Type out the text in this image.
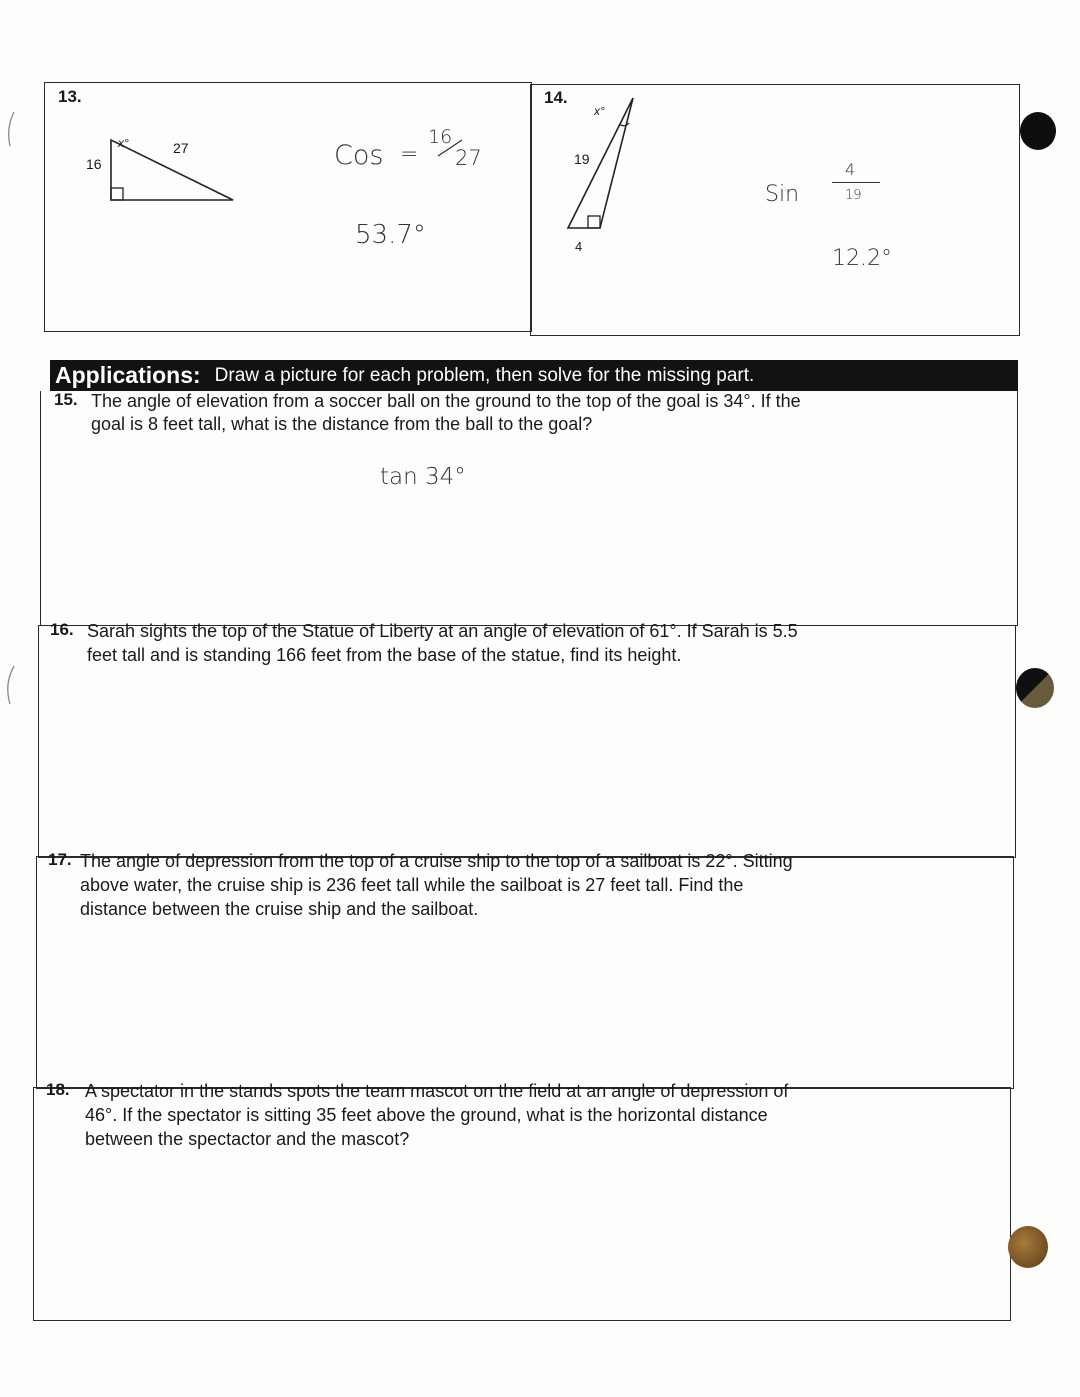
13.
x°	27
16	Cos =
16
27
53.7°
14.
x°
19
4
Sin
4
19
12.2°
Applications: Draw a picture for each problem, then solve for the missing part.
15. The angle of elevation from a soccer ball on the ground to the top of the goal is 34°. If the
goal is 8 feet tall, what is the distance from the ball to the goal?
tan 34°
16. Sarah sights the top of the Statue of Liberty at an angle of elevation of 61°. If Sarah is 5.5
feet tall and is standing 166 feet from the base of the statue, find its height.
17. The angle of depression from the top of a cruise ship to the top of a sailboat is 22°. Sitting
above water, the cruise ship is 236 feet tall while the sailboat is 27 feet tall. Find the
distance between the cruise ship and the sailboat.
18. A spectator in the stands spots the team mascot on the field at an angle of depression of
46°. If the spectator is sitting 35 feet above the ground, what is the horizontal distance
between the spectactor and the mascot?
